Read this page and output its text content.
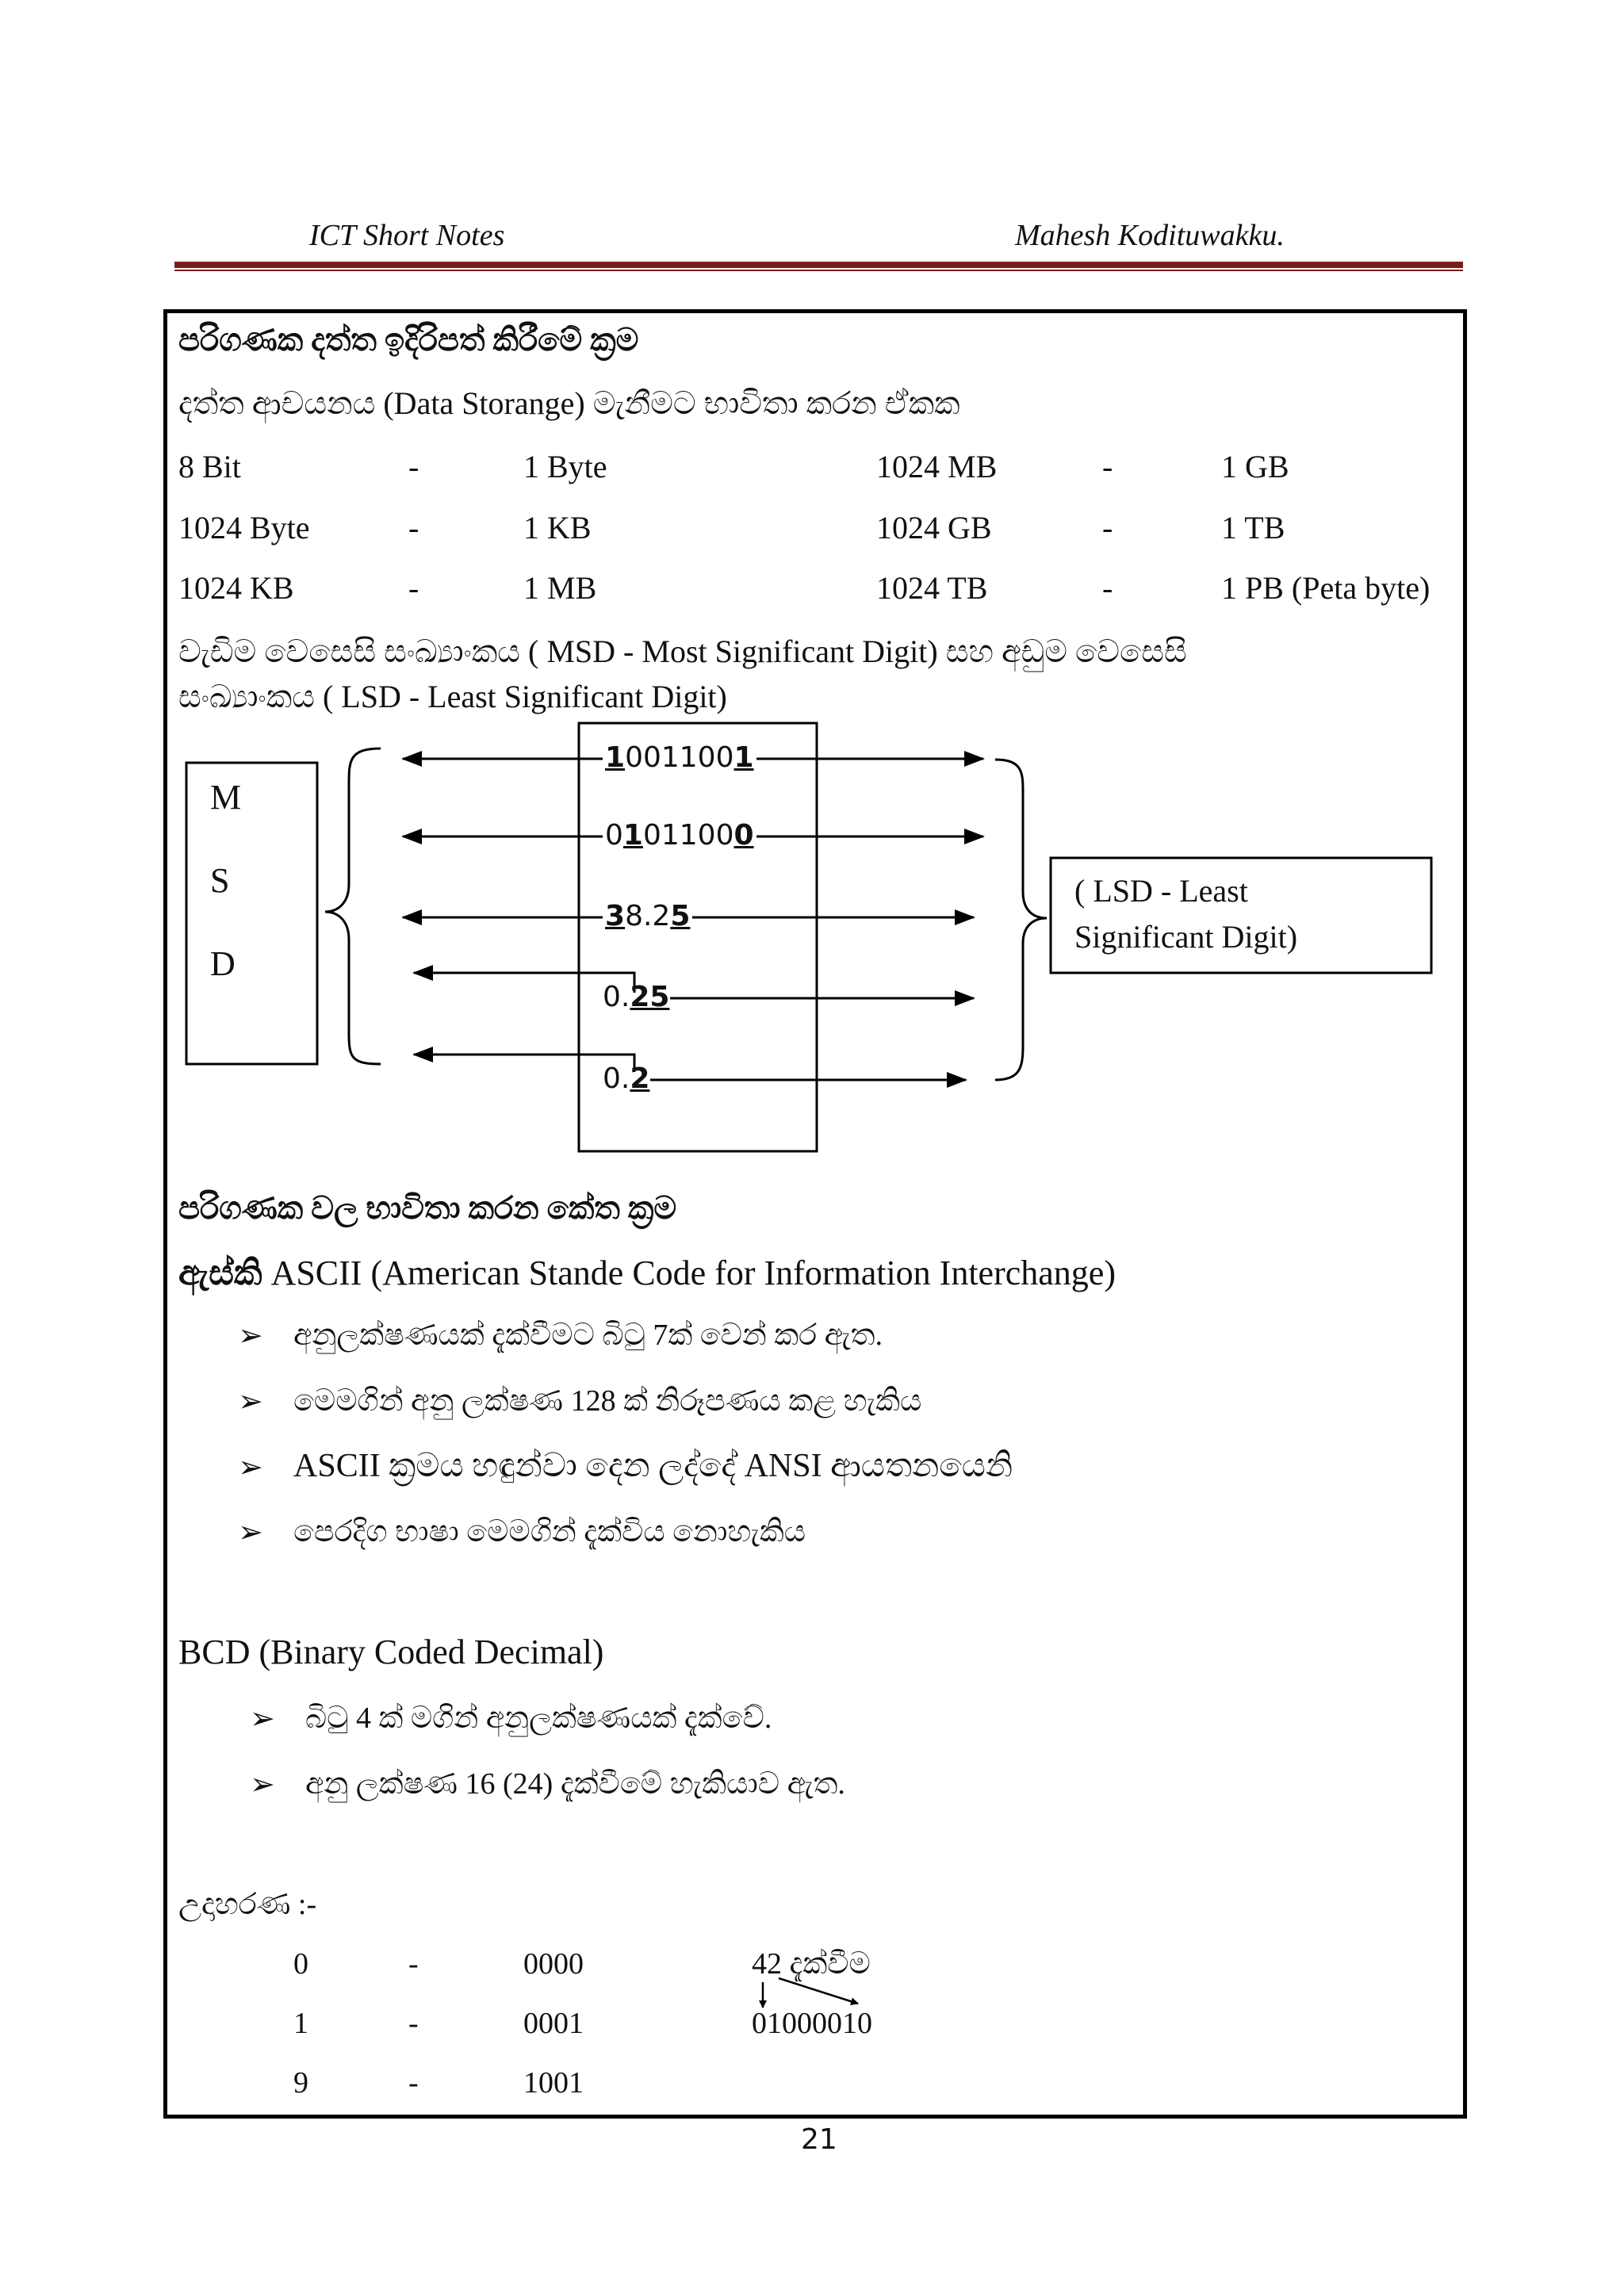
ICT Short Notes	Mahesh Kodituwakku.
පරිගණක දත්ත ඉදිරිපත් කිරීමේ ක්‍රම
දත්ත ආචයනය (Data Storange) මැනීමට භාවිතා කරන ඒකක
8 Bit	-	1 Byte	1024 MB	-	1 GB
1024 Byte	-	1 KB	1024 GB	-	1 TB
1024 KB	-	1 MB	1024 TB	-	1 PB (Peta byte)
වැඩිම වෙසෙසි සංඛ්‍යාංකය ( MSD - Most Significant Digit) සහ අඩුම වෙසෙසි
සංඛ්‍යාංකය ( LSD - Least Significant Digit)
M
S
D
( LSD - Least
Significant Digit)
10011001
01011000
38.25
0.25
0.2
පරිගණක වල භාවිතා කරන කේත ක්‍රම
ඇස්කි ASCII (American Stande Code for Information Interchange)
➢ අනුලක්ෂණයක් දැක්වීමට බිටු 7ක් වෙන් කර ඇත.
➢ මෙමගින් අනු ලක්ෂණ 128 ක් නිරූපණය කළ හැකිය
➢ ASCII ක්‍රමය හඳුන්වා දෙන ලද්දේ ANSI ආයතනයෙනි
➢ පෙරදිග භාෂා මෙමගින් දැක්විය නොහැකිය
BCD (Binary Coded Decimal)
➢ බිටු 4 ක් මගින් අනුලක්ෂණයක් දැක්වේ.
➢ අනු ලක්ෂණ 16 (24) දැක්වීමේ හැකියාව ඇත.
උදාහරණ :-
0	-	0000
1	-	0001
9	-	1001
42 දැක්වීම
01000010
21
